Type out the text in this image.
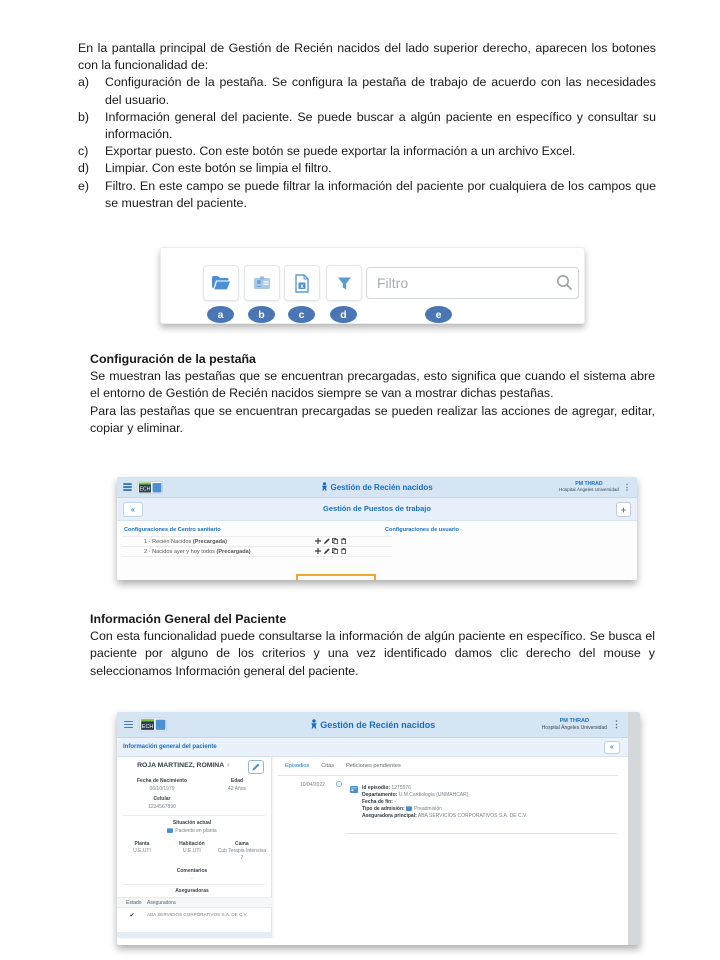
En la pantalla principal de Gestión de Recién nacidos del lado superior derecho, aparecen los botones con la funcionalidad de:

a)	Configuración de la pestaña. Se configura la pestaña de trabajo de acuerdo con las necesidades del usuario.
b)	Información general del paciente. Se puede buscar a algún paciente en específico y consultar su información.
c)	Exportar puesto. Con este botón se puede exportar la información a un archivo Excel.
d)	Limpiar. Con este botón se limpia el filtro.
e)	Filtro. En este campo se puede filtrar la información del paciente por cualquiera de los campos que se muestran del paciente.
x
Filtro
a	b	c	d	e
Configuración de la pestaña

Se muestran las pestañas que se encuentran precargadas, esto significa que cuando el sistema abre el entorno de Gestión de Recién nacidos siempre se van a mostrar dichas pestañas.

Para las pestañas que se encuentran precargadas se pueden realizar las acciones de agregar, editar, copiar y eliminar.

ECH	Gestión de Recién nacidos	PM THRAD
Hospital Ángeles Universidad ⋮
«	Gestión de Puestos de trabajo	+
Configuraciones de Centro sanitario	Configuraciones de usuario
1 - Recién Nacidos (Precargada)
2 - Nacidos ayer y hoy todos (Precargada)
Información General del Paciente

Con esta funcionalidad puede consultarse la información de algún paciente en específico. Se busca el paciente por alguno de los criterios y una vez identificado damos clic derecho del mouse y seleccionamos Información general del paciente.

ECH	Gestión de Recién nacidos	PM THRAD
Hospital Ángeles Universidad ⋮
Información general del paciente	«
ROJA MARTINEZ, ROMINA ♀
Fecha de Nacimiento
06/10/1979
Edad
42 Años
Celular
1234567890
Situación actual
Paciente en planta
Planta
U.E.UTI
Habitación
U.E.UTI
Cama
Cub Terapia Intensiva 7
Comentarios
-
Aseguradoras
Estado	Aseguradora
✔	ABA SERVICIOS CORPORATIVOS S.A. DE C.V.
Episodios Citas Peticiones pendientes
10/04/2022	Id episodio: 1275976
Departamento: U.M.Cardiología (UNMAHCAR)
Fecha de fin: -
Tipo de admisión: Preadmisión
Aseguradora principal: ABA SERVICIOS CORPORATIVOS S.A. DE C.V.
